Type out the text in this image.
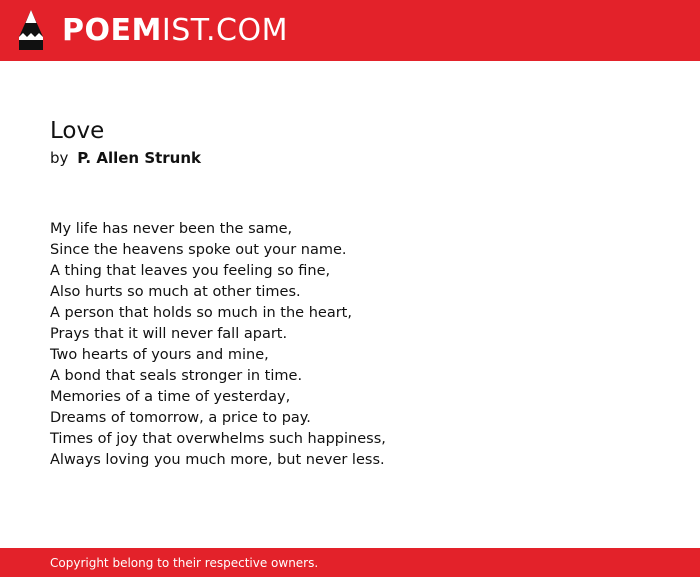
POEM IST.COM
Love
by P. Allen Strunk
My life has never been the same,
Since the heavens spoke out your name.
A thing that leaves you feeling so fine,
Also hurts so much at other times.
A person that holds so much in the heart,
Prays that it will never fall apart.
Two hearts of yours and mine,
A bond that seals stronger in time.
Memories of a time of yesterday,
Dreams of tomorrow, a price to pay.
Times of joy that overwhelms such happiness,
Always loving you much more, but never less.
Copyright belong to their respective owners.
